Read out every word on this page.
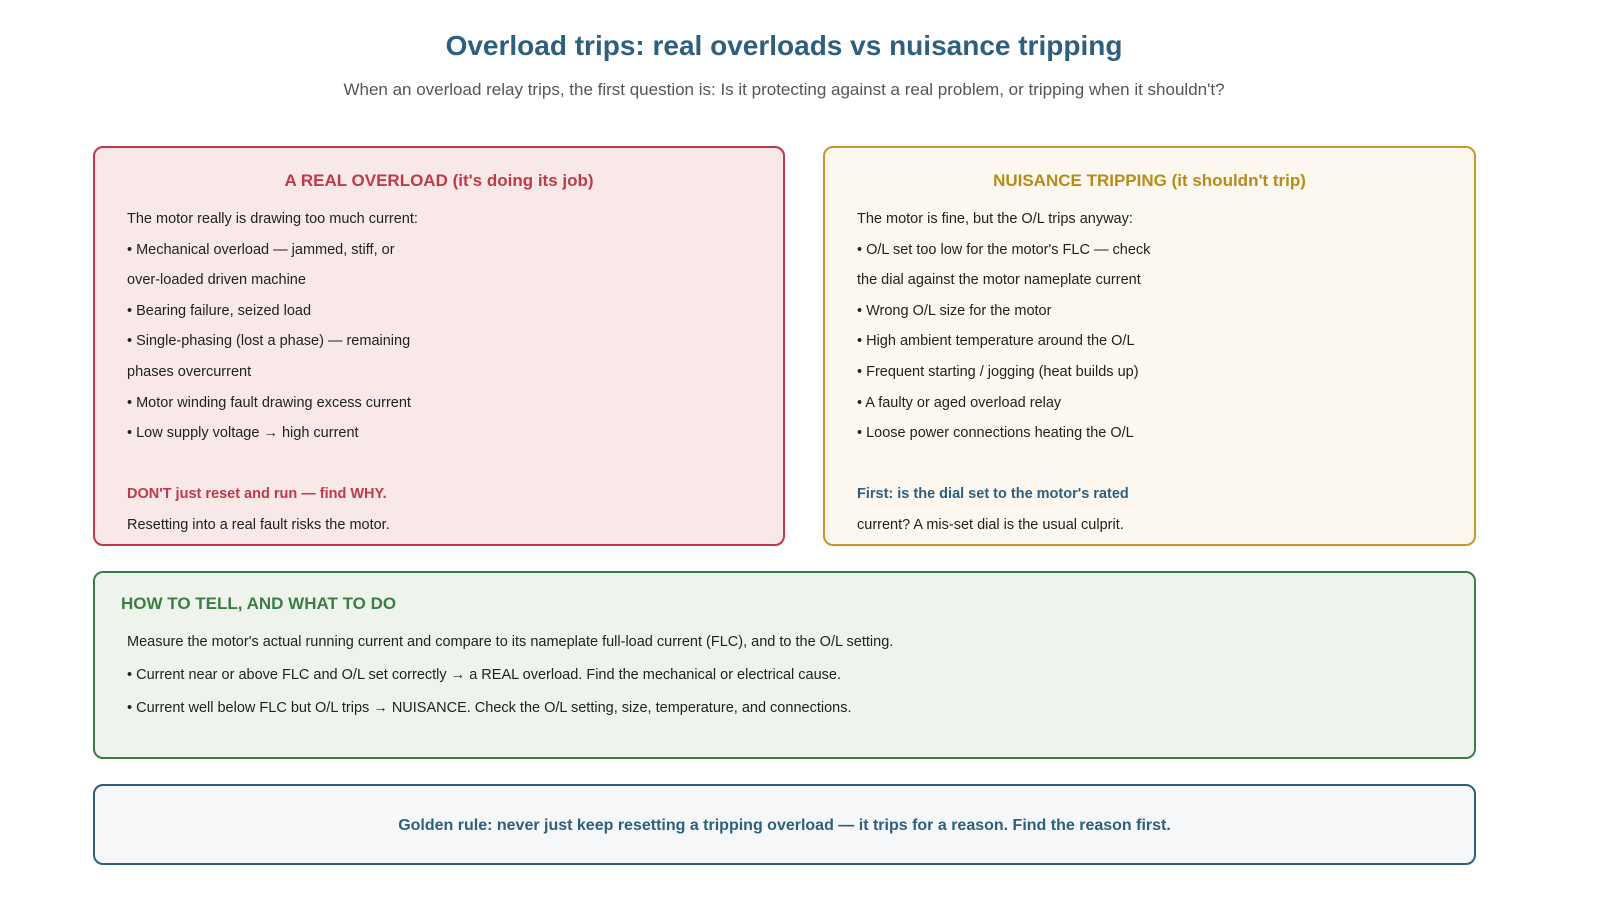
Overload trips: real overloads vs nuisance tripping
When an overload relay trips, the first question is: Is it protecting against a real problem, or tripping when it shouldn't?
A REAL OVERLOAD (it's doing its job)
The motor really is drawing too much current:
• Mechanical overload — jammed, stiff, or
over-loaded driven machine
• Bearing failure, seized load
• Single-phasing (lost a phase) — remaining
phases overcurrent
• Motor winding fault drawing excess current
• Low supply voltage → high current
DON'T just reset and run — find WHY.
Resetting into a real fault risks the motor.
NUISANCE TRIPPING (it shouldn't trip)
The motor is fine, but the O/L trips anyway:
• O/L set too low for the motor's FLC — check
the dial against the motor nameplate current
• Wrong O/L size for the motor
• High ambient temperature around the O/L
• Frequent starting / jogging (heat builds up)
• A faulty or aged overload relay
• Loose power connections heating the O/L
First: is the dial set to the motor's rated
current? A mis-set dial is the usual culprit.
HOW TO TELL, AND WHAT TO DO
Measure the motor's actual running current and compare to its nameplate full-load current (FLC), and to the O/L setting.
• Current near or above FLC and O/L set correctly → a REAL overload. Find the mechanical or electrical cause.
• Current well below FLC but O/L trips → NUISANCE. Check the O/L setting, size, temperature, and connections.
Golden rule: never just keep resetting a tripping overload — it trips for a reason. Find the reason first.
